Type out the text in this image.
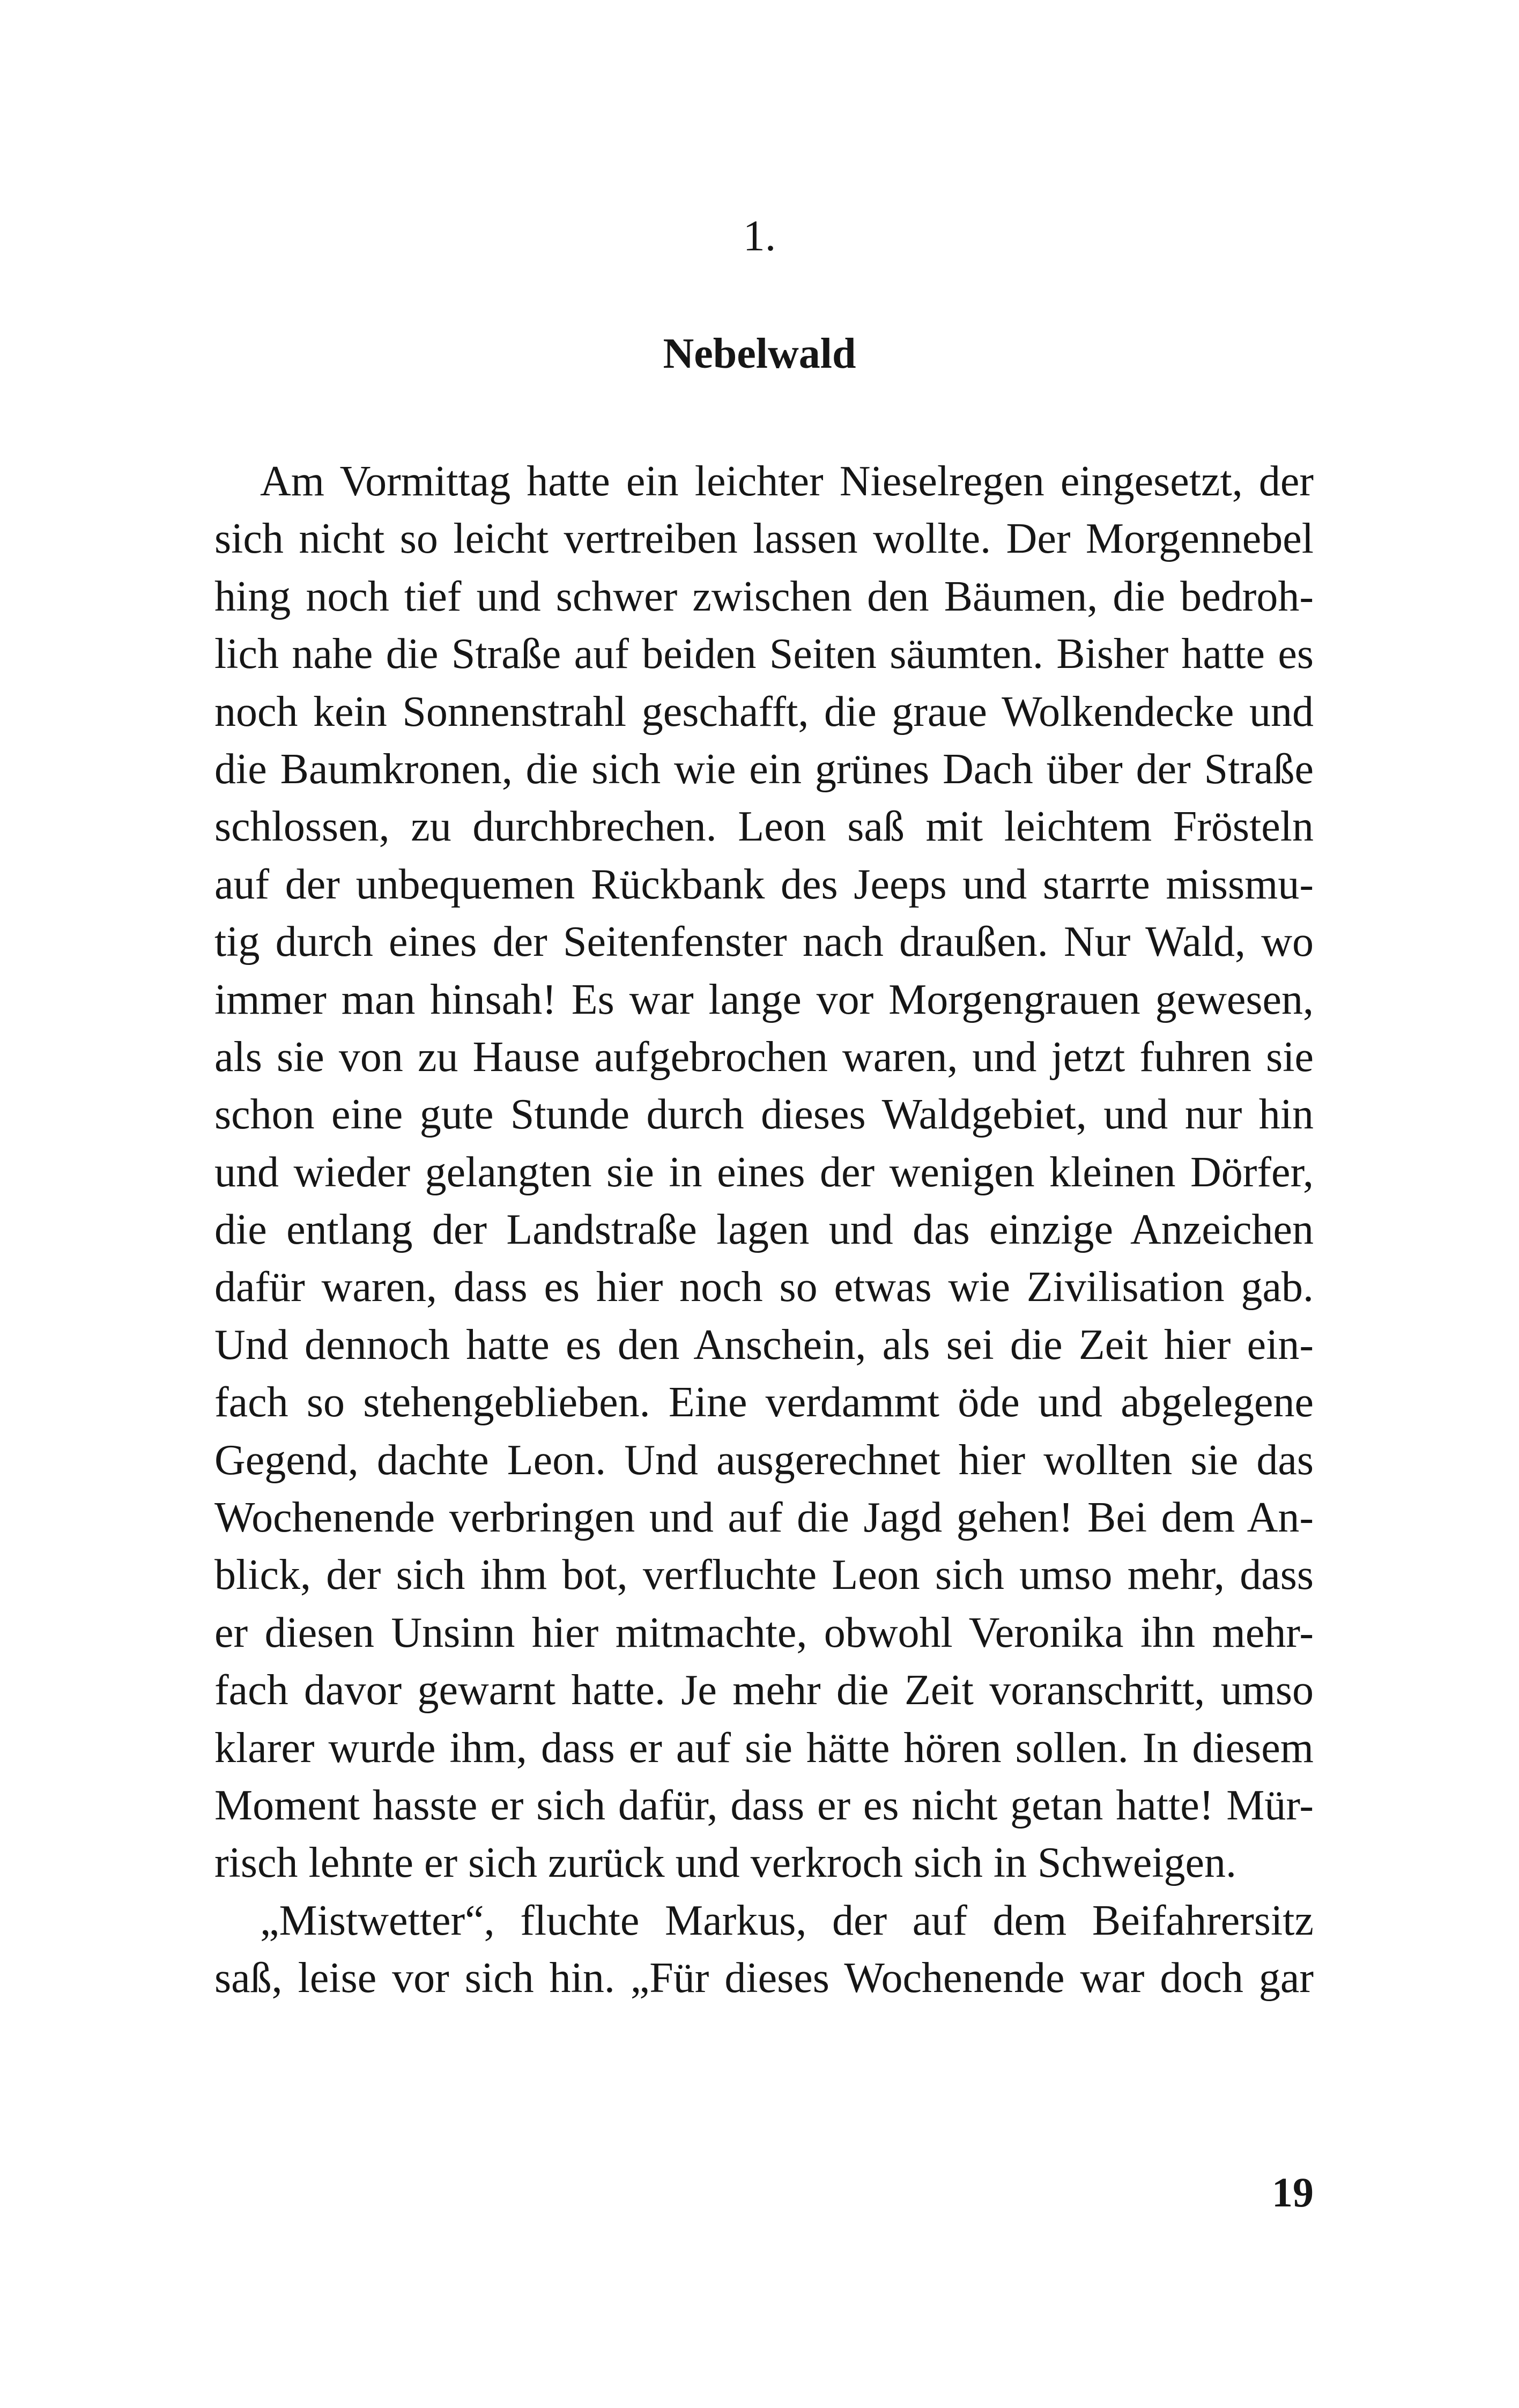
1.
Nebelwald
Am Vormittag hatte ein leichter Nieselregen eingesetzt, der
sich nicht so leicht vertreiben lassen wollte. Der Morgennebel
hing noch tief und schwer zwischen den Bäumen, die bedroh-
lich nahe die Straße auf beiden Seiten säumten. Bisher hatte es
noch kein Sonnenstrahl geschafft, die graue Wolkendecke und
die Baumkronen, die sich wie ein grünes Dach über der Straße
schlossen, zu durchbrechen. Leon saß mit leichtem Frösteln
auf der unbequemen Rückbank des Jeeps und starrte missmu-
tig durch eines der Seitenfenster nach draußen. Nur Wald, wo
immer man hinsah! Es war lange vor Morgengrauen gewesen,
als sie von zu Hause aufgebrochen waren, und jetzt fuhren sie
schon eine gute Stunde durch dieses Waldgebiet, und nur hin
und wieder gelangten sie in eines der wenigen kleinen Dörfer,
die entlang der Landstraße lagen und das einzige Anzeichen
dafür waren, dass es hier noch so etwas wie Zivilisation gab.
Und dennoch hatte es den Anschein, als sei die Zeit hier ein-
fach so stehengeblieben. Eine verdammt öde und abgelegene
Gegend, dachte Leon. Und ausgerechnet hier wollten sie das
Wochenende verbringen und auf die Jagd gehen! Bei dem An-
blick, der sich ihm bot, verfluchte Leon sich umso mehr, dass
er diesen Unsinn hier mitmachte, obwohl Veronika ihn mehr-
fach davor gewarnt hatte. Je mehr die Zeit voranschritt, umso
klarer wurde ihm, dass er auf sie hätte hören sollen. In diesem
Moment hasste er sich dafür, dass er es nicht getan hatte! Mür-
risch lehnte er sich zurück und verkroch sich in Schweigen.
„Mistwetter“, fluchte Markus, der auf dem Beifahrersitz
saß, leise vor sich hin. „Für dieses Wochenende war doch gar
19
